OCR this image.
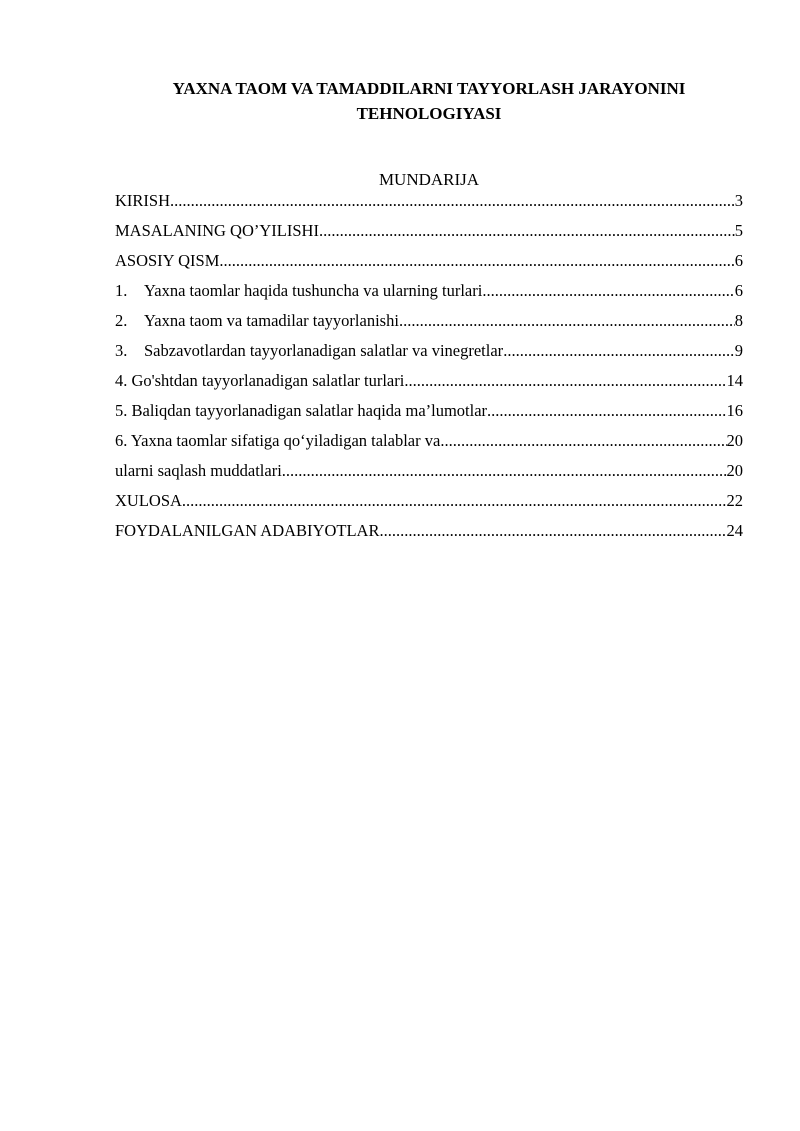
YAXNA TAOM VA TAMADDILARNI TAYYORLASH JARAYONINI
TEHNOLOGIYASI
MUNDARIJA
KIRISH .....	3
MASALANING QO’YILISHI .....	5
ASOSIY QISM .....	6
1.	Yaxna taomlar haqida tushuncha va ularning turlari .....	6
2.	Yaxna taom va tamadilar tayyorlanishi .....	8
3.	Sabzavotlardan tayyorlanadigan salatlar va vinegretlar .....	9
4. Go'shtdan tayyorlanadigan salatlar turlari .....	14
5. Baliqdan tayyorlanadigan salatlar haqida ma’lumotlar .....	16
6. Yaxna taomlar sifatiga qo‘yiladigan talablar va .....	20
ularni saqlash muddatlari .....	20
XULOSA .....	22
FOYDALANILGAN ADABIYOTLAR .....	24
